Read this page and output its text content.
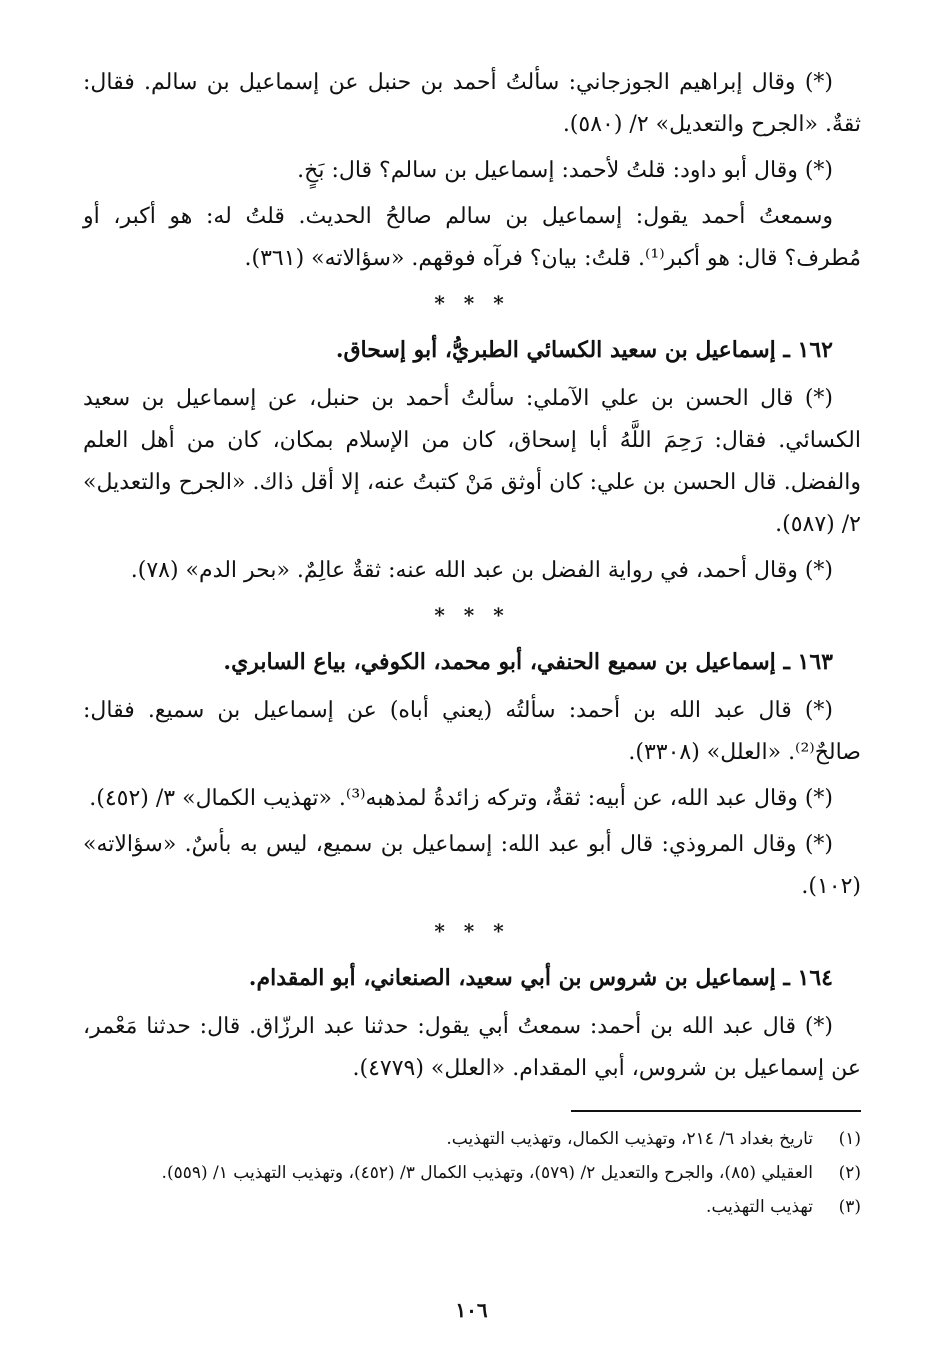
(*) وقال إبراهيم الجوزجاني: سألتُ أحمد بن حنبل عن إسماعيل بن سالم. فقال: ثقةٌ. «الجرح والتعديل» ٢/ (٥٨٠).

(*) وقال أبو داود: قلتُ لأحمد: إسماعيل بن سالم؟ قال: بَخٍ.

وسمعتُ أحمد يقول: إسماعيل بن سالم صالحُ الحديث. قلتُ له: هو أكبر، أو مُطرف؟ قال: هو أكبر⁽¹⁾. قلتُ: بيان؟ فرآه فوقهم. «سؤالاته» (٣٦١).

* * *
١٦٢ ـ إسماعيل بن سعيد الكسائي الطبريُّ، أبو إسحاق.

(*) قال الحسن بن علي الآملي: سألتُ أحمد بن حنبل، عن إسماعيل بن سعيد الكسائي. فقال: رَحِمَ اللَّهُ أبا إسحاق، كان من الإسلام بمكان، كان من أهل العلم والفضل. قال الحسن بن علي: كان أوثق مَنْ كتبتُ عنه، إلا أقل ذاك. «الجرح والتعديل» ٢/ (٥٨٧).

(*) وقال أحمد، في رواية الفضل بن عبد الله عنه: ثقةٌ عالِمٌ. «بحر الدم» (٧٨).

* * *
١٦٣ ـ إسماعيل بن سميع الحنفي، أبو محمد، الكوفي، بياع السابري.

(*) قال عبد الله بن أحمد: سألتُه (يعني أباه) عن إسماعيل بن سميع. فقال: صالحٌ⁽²⁾. «العلل» (٣٣٠٨).

(*) وقال عبد الله، عن أبيه: ثقةٌ، وتركه زائدةُ لمذهبه⁽³⁾. «تهذيب الكمال» ٣/ (٤٥٢).

(*) وقال المروذي: قال أبو عبد الله: إسماعيل بن سميع، ليس به بأسٌ. «سؤالاته» (١٠٢).

* * *
١٦٤ ـ إسماعيل بن شروس بن أبي سعيد، الصنعاني، أبو المقدام.

(*) قال عبد الله بن أحمد: سمعتُ أبي يقول: حدثنا عبد الرزّاق. قال: حدثنا مَعْمر، عن إسماعيل بن شروس، أبي المقدام. «العلل» (٤٧٧٩).

(١)
تاريخ بغداد ٦/ ٢١٤، وتهذيب الكمال، وتهذيب التهذيب.
(٢)
العقيلي (٨٥)، والجرح والتعديل ٢/ (٥٧٩)، وتهذيب الكمال ٣/ (٤٥٢)، وتهذيب التهذيب ١/ (٥٥٩).
(٣)
تهذيب التهذيب.
١٠٦
